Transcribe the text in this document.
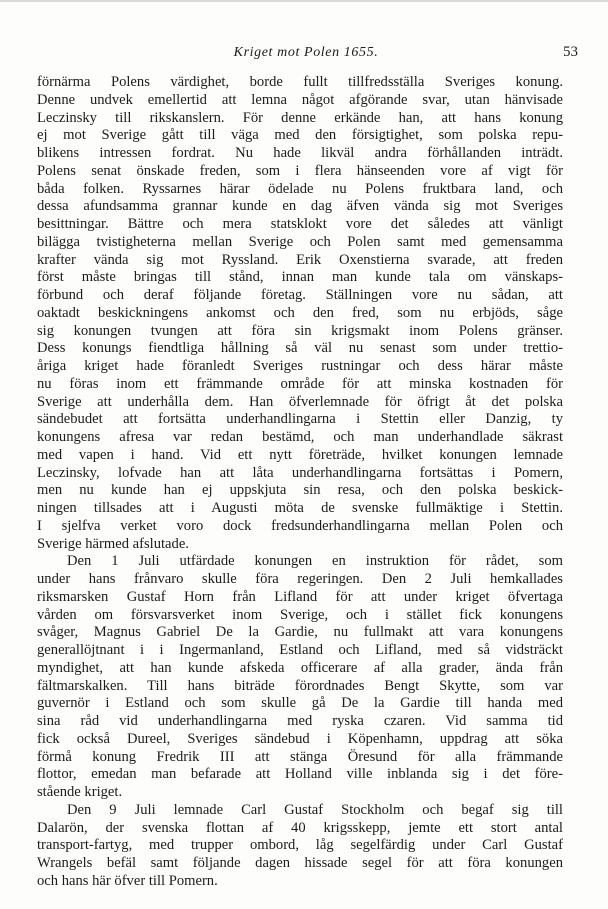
Kriget mot Polen 1655.	53
förnärma Polens värdighet, borde fullt tillfredsställa Sveriges konung.
Denne undvek emellertid att lemna något afgörande svar, utan hänvisade
Leczinsky till rikskanslern. För denne erkände han, att hans konung
ej mot Sverige gått till väga med den försigtighet, som polska repu-
blikens intressen fordrat. Nu hade likväl andra förhållanden inträdt.
Polens senat önskade freden, som i flera hänseenden vore af vigt för
båda folken. Ryssarnes härar ödelade nu Polens fruktbara land, och
dessa afundsamma grannar kunde en dag äfven vända sig mot Sveriges
besittningar. Bättre och mera statsklokt vore det således att vänligt
bilägga tvistigheterna mellan Sverige och Polen samt med gemensamma
krafter vända sig mot Ryssland. Erik Oxenstierna svarade, att freden
först måste bringas till stånd, innan man kunde tala om vänskaps-
förbund och deraf följande företag. Ställningen vore nu sådan, att
oaktadt beskickningens ankomst och den fred, som nu erbjöds, såge
sig konungen tvungen att föra sin krigsmakt inom Polens gränser.
Dess konungs fiendtliga hållning så väl nu senast som under trettio-
åriga kriget hade föranledt Sveriges rustningar och dess härar måste
nu föras inom ett främmande område för att minska kostnaden för
Sverige att underhålla dem. Han öfverlemnade för öfrigt åt det polska
sändebudet att fortsätta underhandlingarna i Stettin eller Danzig, ty
konungens afresa var redan bestämd, och man underhandlade säkrast
med vapen i hand. Vid ett nytt företräde, hvilket konungen lemnade
Leczinsky, lofvade han att låta underhandlingarna fortsättas i Pomern,
men nu kunde han ej uppskjuta sin resa, och den polska beskick-
ningen tillsades att i Augusti möta de svenske fullmäktige i Stettin.
I sjelfva verket voro dock fredsunderhandlingarna mellan Polen och
Sverige härmed afslutade.
Den 1 Juli utfärdade konungen en instruktion för rådet, som
under hans frånvaro skulle föra regeringen. Den 2 Juli hemkallades
riksmarsken Gustaf Horn från Lifland för att under kriget öfvertaga
vården om försvarsverket inom Sverige, och i stället fick konungens
svåger, Magnus Gabriel De la Gardie, nu fullmakt att vara konungens
generallöjtnant i i Ingermanland, Estland och Lifland, med så vidsträckt
myndighet, att han kunde afskeda officerare af alla grader, ända från
fältmarskalken. Till hans biträde förordnades Bengt Skytte, som var
guvernör i Estland och som skulle gå De la Gardie till handa med
sina råd vid underhandlingarna med ryska czaren. Vid samma tid
fick också Dureel, Sveriges sändebud i Köpenhamn, uppdrag att söka
förmå konung Fredrik III att stänga Öresund för alla främmande
flottor, emedan man befarade att Holland ville inblanda sig i det före-
stående kriget.
Den 9 Juli lemnade Carl Gustaf Stockholm och begaf sig till
Dalarön, der svenska flottan af 40 krigsskepp, jemte ett stort antal
transport-fartyg, med trupper ombord, låg segelfärdig under Carl Gustaf
Wrangels befäl samt följande dagen hissade segel för att föra konungen
och hans här öfver till Pomern.
